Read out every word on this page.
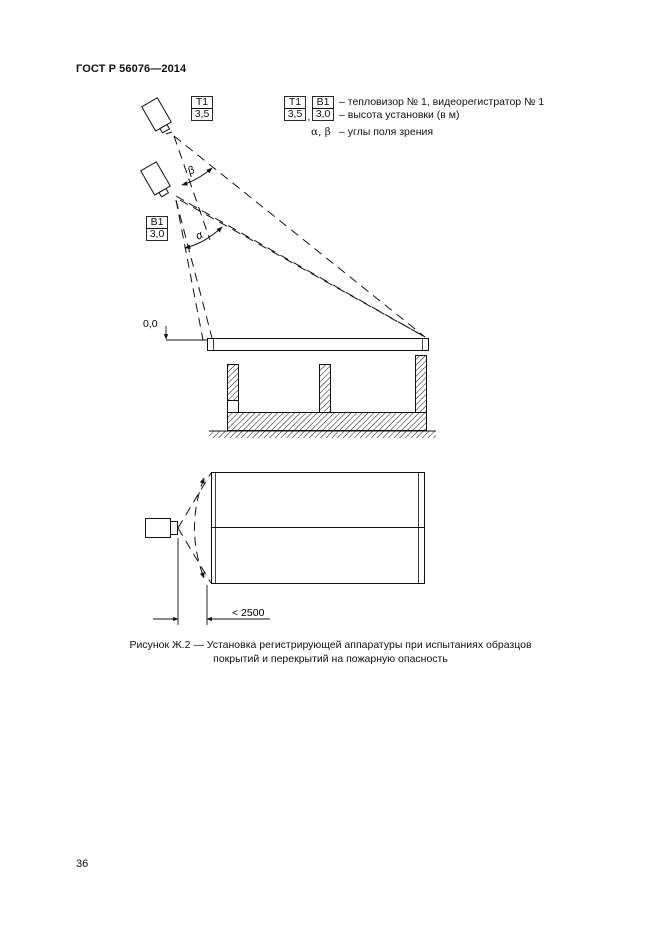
ГОСТ Р 56076—2014
,
Т1
3,5
В1
3,0
– тепловизор № 1, видеорегистратор № 1
– высота установки (в м)
α, β – углы поля зрения
β
α
0,0
< 2500
Т1
3,5
В1
3,0
Рисунок Ж.2 — Установка регистрирующей аппаратуры при испытаниях образцов
покрытий и перекрытий на пожарную опасность
36
